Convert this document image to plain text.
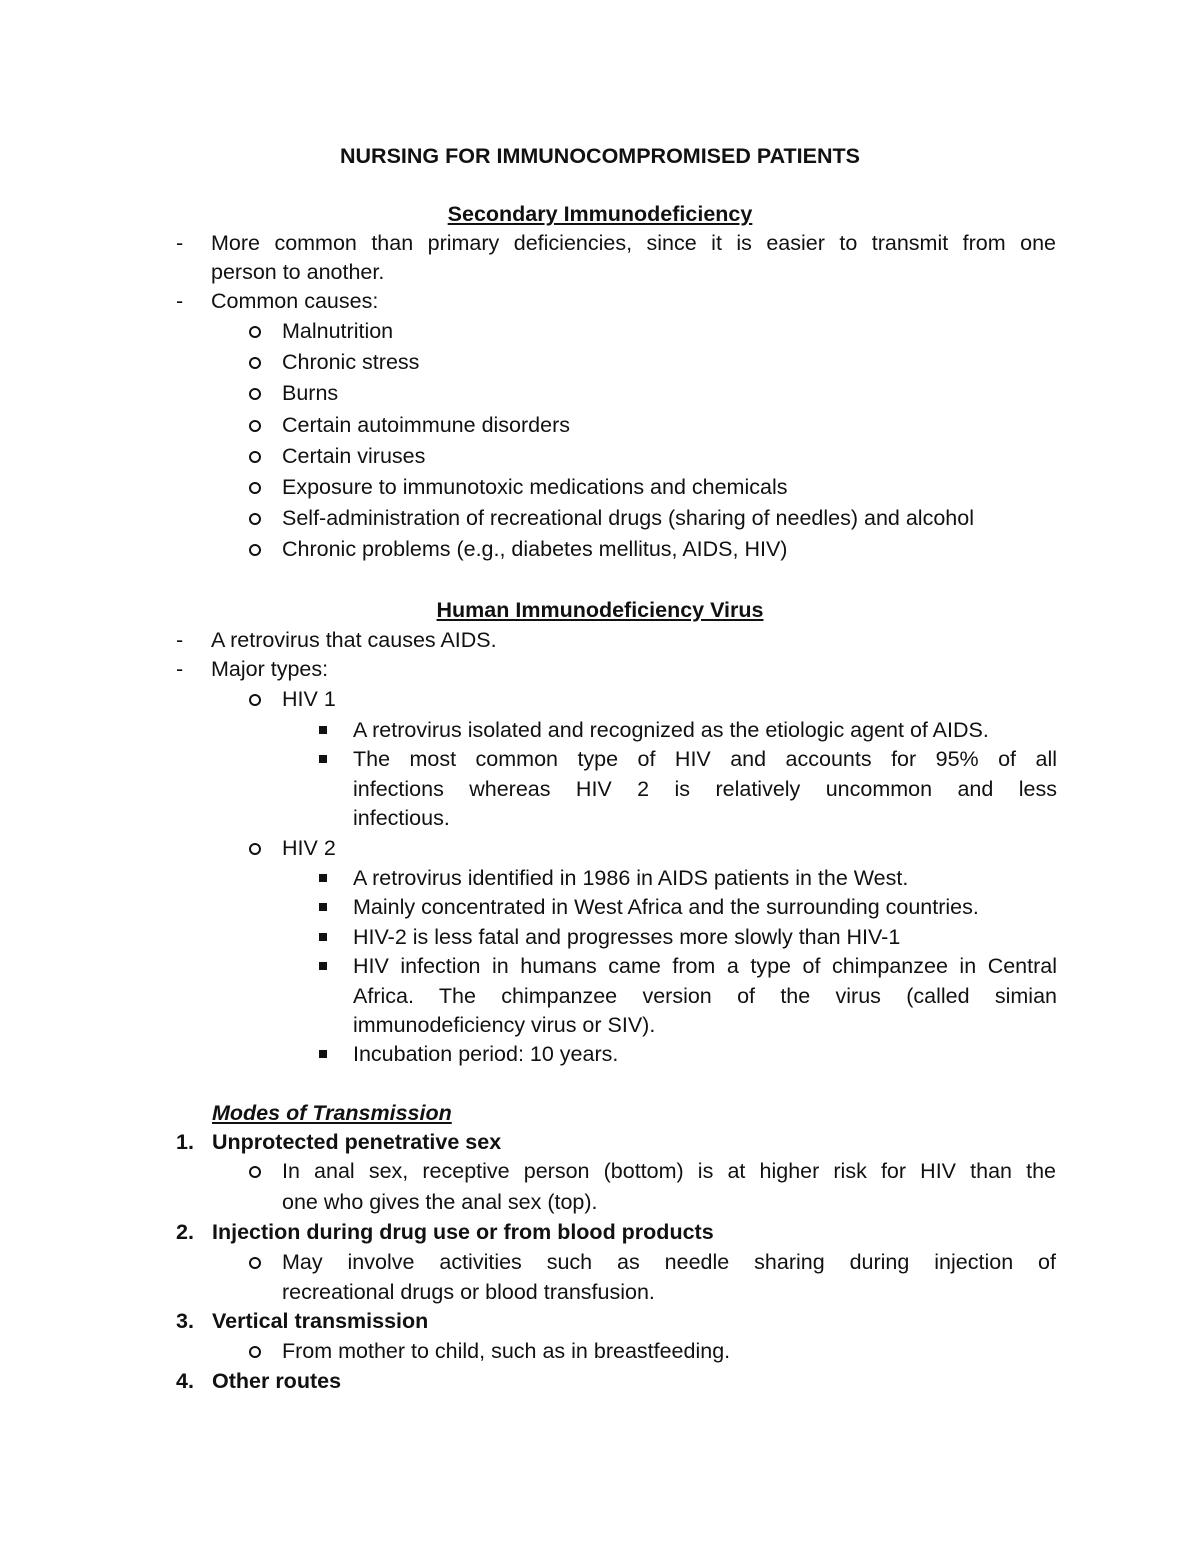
NURSING FOR IMMUNOCOMPROMISED PATIENTS
Secondary Immunodeficiency
- More common than primary deficiencies, since it is easier to transmit from one
person to another.
- Common causes:
Malnutrition
Chronic stress
Burns
Certain autoimmune disorders
Certain viruses
Exposure to immunotoxic medications and chemicals
Self-administration of recreational drugs (sharing of needles) and alcohol
Chronic problems (e.g., diabetes mellitus, AIDS, HIV)
Human Immunodeficiency Virus
- A retrovirus that causes AIDS.
- Major types:
HIV 1
A retrovirus isolated and recognized as the etiologic agent of AIDS.
The most common type of HIV and accounts for 95% of all
infections whereas HIV 2 is relatively uncommon and less
infectious.
HIV 2
A retrovirus identified in 1986 in AIDS patients in the West.
Mainly concentrated in West Africa and the surrounding countries.
HIV-2 is less fatal and progresses more slowly than HIV-1
HIV infection in humans came from a type of chimpanzee in Central
Africa. The chimpanzee version of the virus (called simian
immunodeficiency virus or SIV).
Incubation period: 10 years.
Modes of Transmission
1. Unprotected penetrative sex
In anal sex, receptive person (bottom) is at higher risk for HIV than the
one who gives the anal sex (top).
2. Injection during drug use or from blood products
May involve activities such as needle sharing during injection of
recreational drugs or blood transfusion.
3. Vertical transmission
From mother to child, such as in breastfeeding.
4. Other routes
